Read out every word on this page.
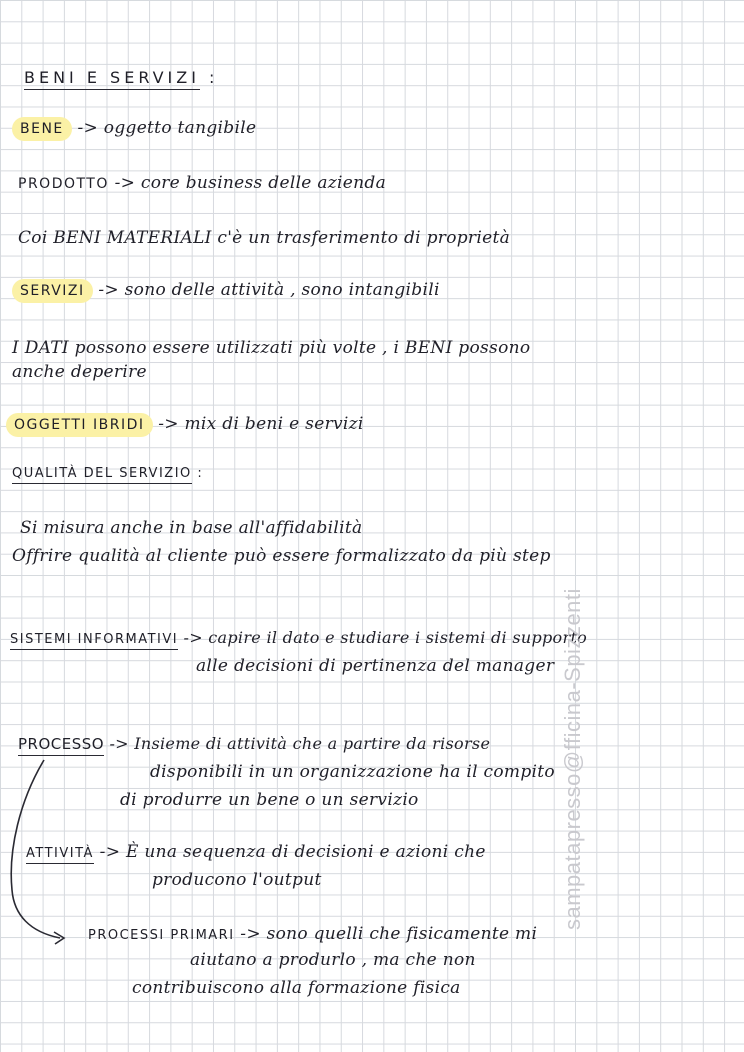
BENI E SERVIZI :
BENE -> oggetto tangibile
PRODOTTO -> core business delle azienda
Coi BENI MATERIALI c'è un trasferimento di proprietà
SERVIZI -> sono delle attività , sono intangibili
I DATI possono essere utilizzati più volte , i BENI possono
anche deperire
OGGETTI IBRIDI -> mix di beni e servizi
QUALITÀ DEL SERVIZIO :
Si misura anche in base all'affidabilità
Offrire qualità al cliente può essere formalizzato da più step
SISTEMI INFORMATIVI -> capire il dato e studiare i sistemi di supporto
alle decisioni di pertinenza del manager
PROCESSO -> Insieme di attività che a partire da risorse
disponibili in un organizzazione ha il compito
di produrre un bene o un servizio
ATTIVITÀ -> È una sequenza di decisioni e azioni che
producono l'output
PROCESSI PRIMARI -> sono quelli che fisicamente mi
aiutano a produrlo , ma che non
contribuiscono alla formazione fisica
sampatapresso@fficina-Spizzenti
